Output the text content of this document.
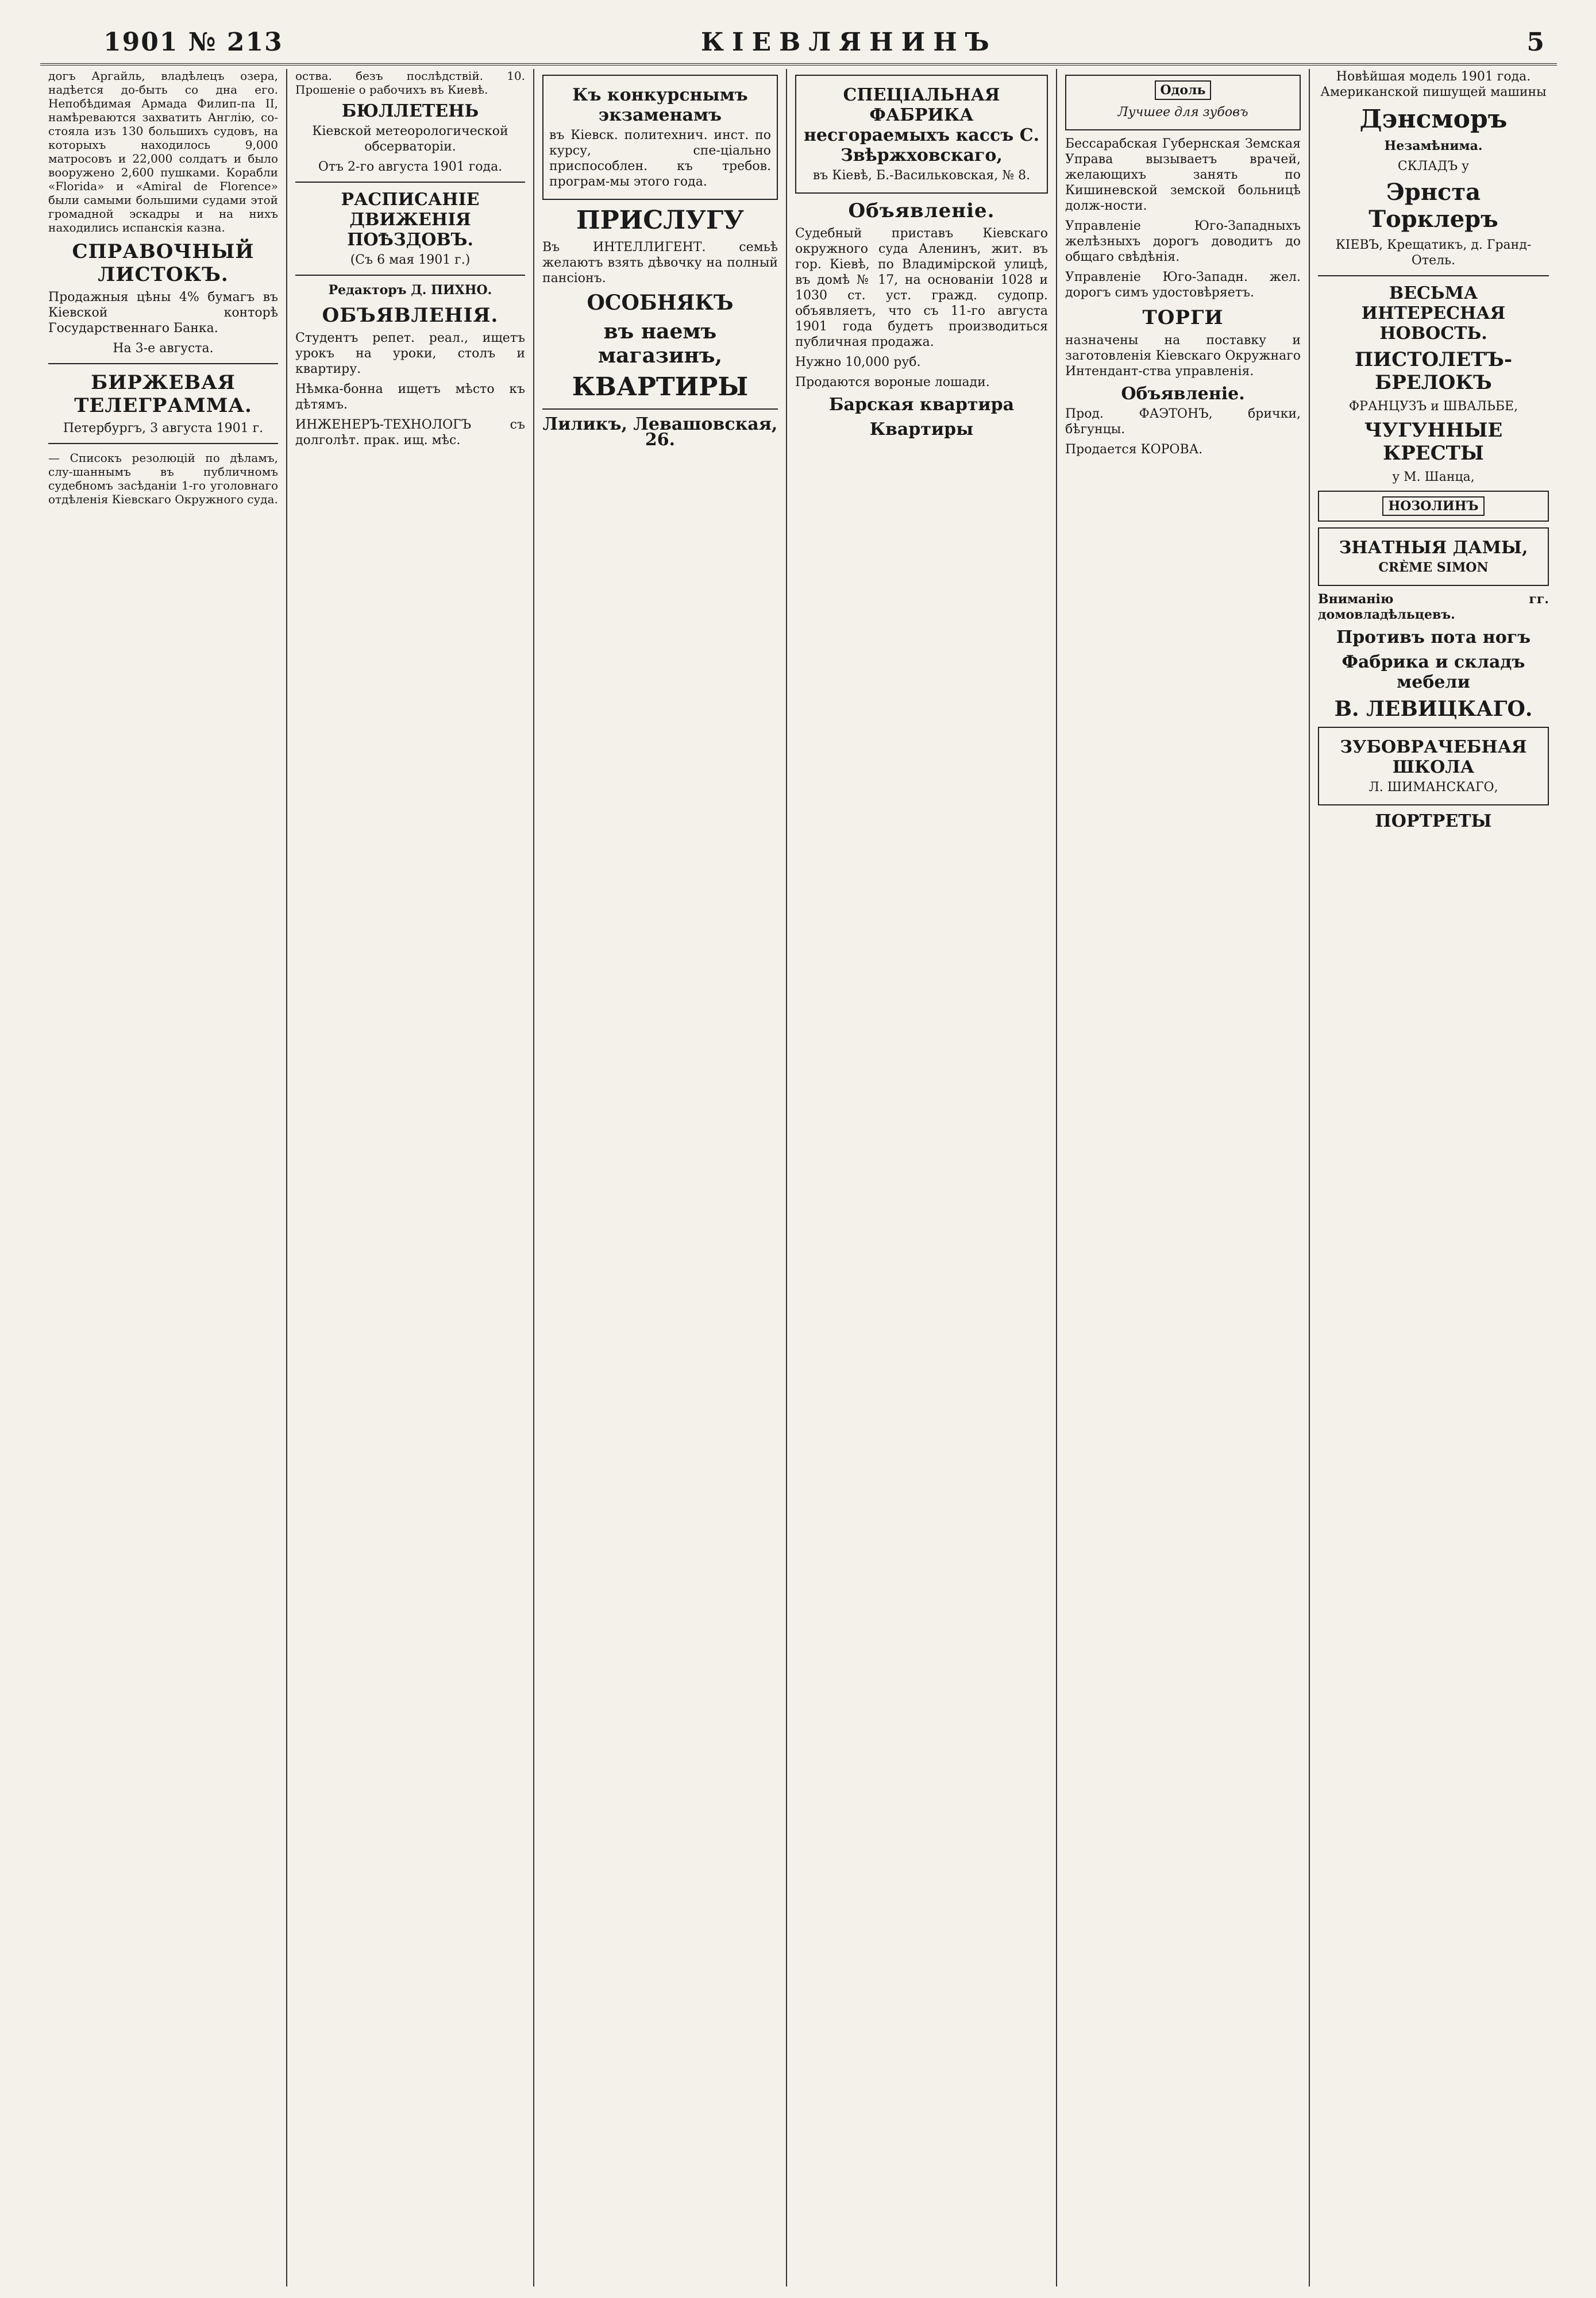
1901 № 213	КІЕВЛЯНИНЪ	5

догъ Аргайль, владѣлецъ озера, надѣется до-быть со дна его. Непобѣдимая Армада Филип-па II, намѣреваются захватить Англію, со-стояла изъ 130 большихъ судовъ, на которыхъ находилось 9,000 матросовъ и 22,000 солдатъ и было вооружено 2,600 пушками. Корабли «Florida» и «Amiral de Florence» были самыми большими судами этой громадной эскадры и на нихъ находились испанскія казна.

СПРАВОЧНЫЙ ЛИСТОКЪ.

Продажныя цѣны 4% бумагъ въ Кіевской конторѣ Государственнаго Банка.

На 3-е августа.

БИРЖЕВАЯ ТЕЛЕГРАММА.

Петербургъ, 3 августа 1901 г.

— Списокъ резолюцій по дѣламъ, слу-шаннымъ въ публичномъ судебномъ засѣданіи 1-го уголовнаго отдѣленія Кіевскаго Окружного суда.

оства. безъ послѣдствій. 10. Прошеніе о рабочихъ въ Киевѣ.

БЮЛЛЕТЕНЬ

Кіевской метеорологической обсерваторіи.

Отъ 2-го августа 1901 года.

РАСПИСАНІЕ ДВИЖЕНІЯ ПОѢЗДОВЪ.

(Съ 6 мая 1901 г.)

Редакторъ Д. ПИХНО.

ОБЪЯВЛЕНІЯ.

Студентъ репет. реал., ищетъ урокъ на уроки, столъ и квартиру.

Нѣмка-бонна ищетъ мѣсто къ дѣтямъ.

ИНЖЕНЕРЪ-ТЕХНОЛОГЪ съ долголѣт. прак. ищ. мѣс.

Къ конкурснымъ экзаменамъ

въ Кіевск. политехнич. инст. по курсу, спе-ціально приспособлен. къ требов. програм-мы этого года.

ПРИСЛУГУ

Въ ИНТЕЛЛИГЕНТ. семьѣ желаютъ взять дѣвочку на полный пансіонъ.

ОСОБНЯКЪ
въ наемъ магазинъ,
КВАРТИРЫ

Лиликъ, Левашовская, 26.

СПЕЦІАЛЬНАЯ ФАБРИКА несгораемыхъ кассъ С. Звѣржховскаго,

въ Кіевѣ, Б.-Васильковская, № 8.

Объявленіе.

Судебный приставъ Кіевскаго окружного суда Аленинъ, жит. въ гор. Кіевѣ, по Владимірской улицѣ, въ домѣ № 17, на основаніи 1028 и 1030 ст. уст. гражд. судопр. объявляетъ, что съ 11-го августа 1901 года будетъ производиться публичная продажа.

Нужно 10,000 руб.

Продаются вороные лошади.

Барская квартира
Квартиры
Одоль

Лучшее для зубовъ

Бессарабская Губернская Земская Управа вызываетъ врачей, желающихъ занять по Кишиневской земской больницѣ долж-ности.

Управленіе Юго-Западныхъ желѣзныхъ дорогъ доводитъ до общаго свѣдѣнія.

Управленіе Юго-Западн. жел. дорогъ симъ удостовѣряетъ.

ТОРГИ

назначены на поставку и заготовленія Кіевскаго Окружнаго Интендант-ства управленія.

Объявленіе.

Прод. ФАЭТОНЪ, брички, бѣгунцы.

Продается КОРОВА.

Новѣйшая модель 1901 года. Американской пишущей машины

Дэнсморъ

Незамѣнима.

СКЛАДЪ у

Эрнста Торклеръ

КІЕВЪ, Крещатикъ, д. Гранд-Отель.

ВЕСЬМА ИНТЕРЕСНАЯ НОВОСТЬ.
ПИСТОЛЕТЪ-БРЕЛОКЪ

ФРАНЦУЗЪ и ШВАЛЬБЕ,

ЧУГУННЫЕ КРЕСТЫ

у М. Шанца,

НОЗОЛИНЪ
ЗНАТНЫЯ ДАМЫ,

CRÈME SIMON

Вниманію гг. домовладѣльцевъ.

Противъ пота ногъ
Фабрика и складъ мебели
В. ЛЕВИЦКАГО.
ЗУБОВРАЧЕБНАЯ ШКОЛА

Л. ШИМАНСКАГО,

ПОРТРЕТЫ
